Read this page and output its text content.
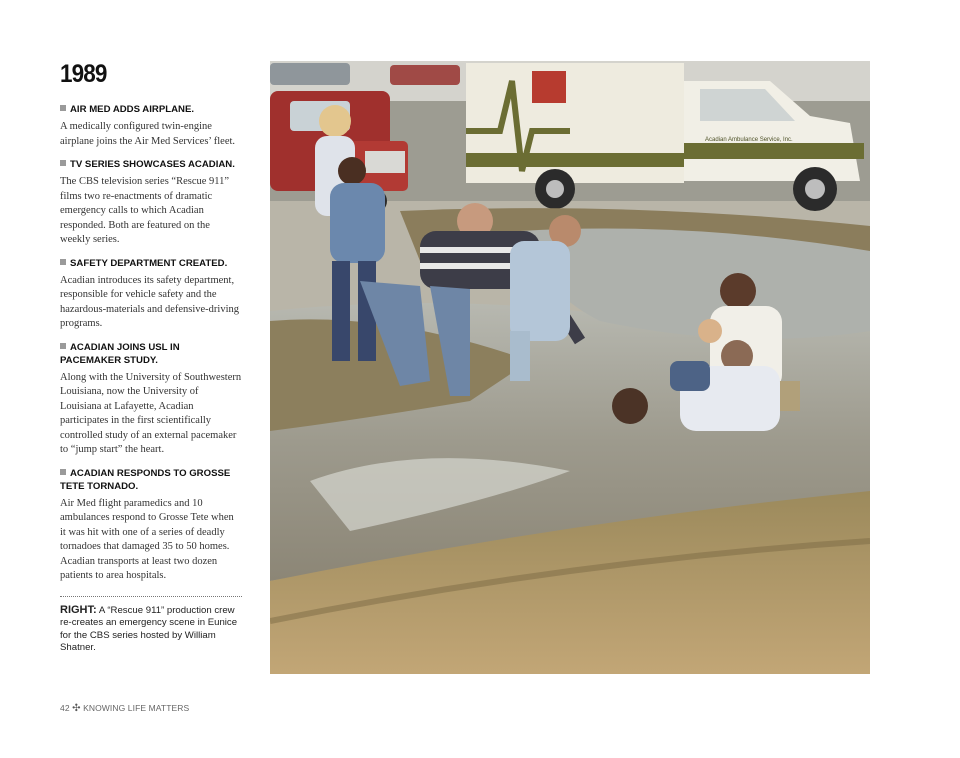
1989
AIR MED ADDS AIRPLANE.
A medically configured twin-engine airplane joins the Air Med Services’ fleet.
TV SERIES SHOWCASES ACADIAN.
The CBS television series “Rescue 911” films two re-enactments of dramatic emergency calls to which Acadian responded. Both are featured on the weekly series.
SAFETY DEPARTMENT CREATED.
Acadian introduces its safety department, responsible for vehicle safety and the hazardous-materials and defensive-driving programs.
ACADIAN JOINS USL IN PACEMAKER STUDY.
Along with the University of Southwestern Louisiana, now the University of Louisiana at Lafayette, Acadian participates in the first scientifically controlled study of an external pacemaker to “jump start” the heart.
ACADIAN RESPONDS TO GROSSE TETE TORNADO.
Air Med flight paramedics and 10 ambulances respond to Grosse Tete when it was hit with one of a series of deadly tornadoes that damaged 35 to 50 homes. Acadian transports at least two dozen patients to area hospitals.
RIGHT: A “Rescue 911” production crew re-creates an emergency scene in Eunice for the CBS series hosted by William Shatner.
42 ✣ KNOWING LIFE MATTERS
Acadian Ambulance Service, Inc.
